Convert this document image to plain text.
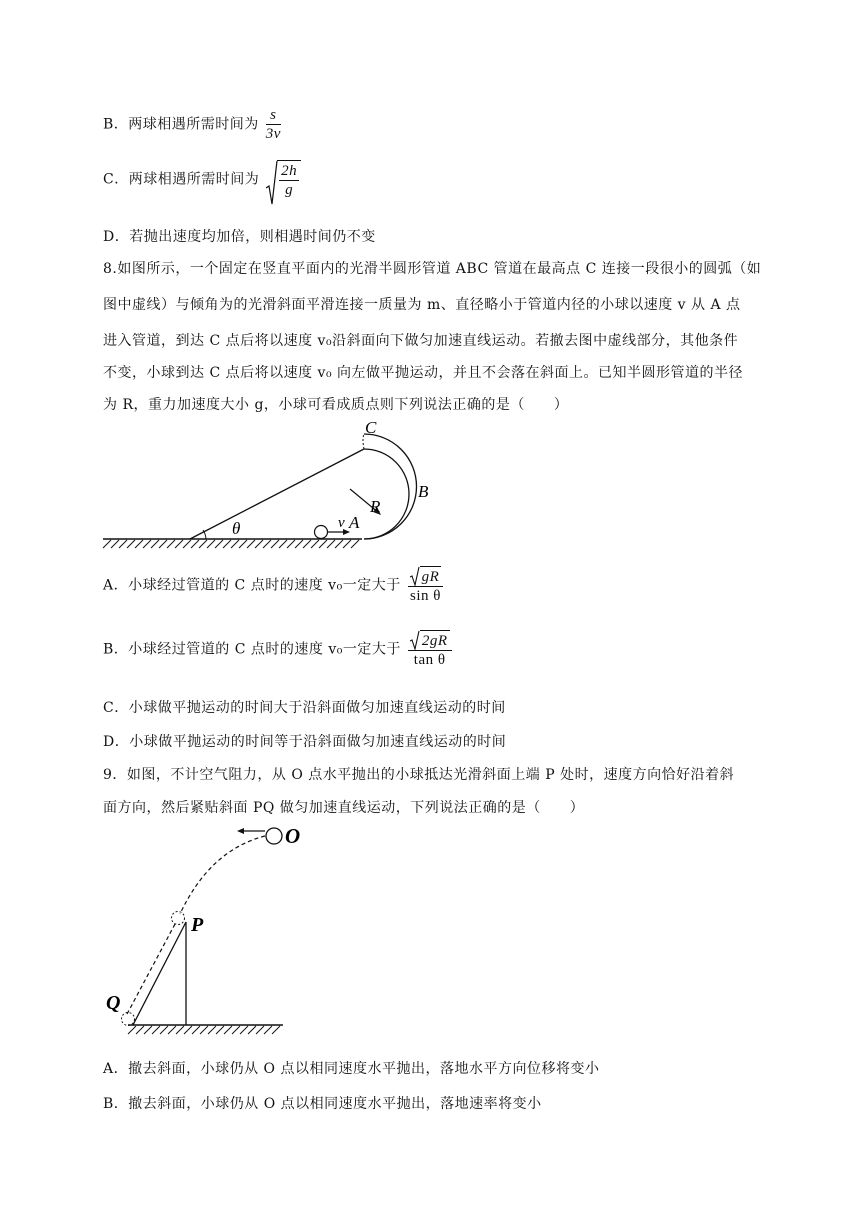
B．两球相遇所需时间为 $\frac{s}{3v}$
C．两球相遇所需时间为 $\frac{2h}{g}$
D．若抛出速度均加倍，则相遇时间仍不变
8.如图所示，一个固定在竖直平面内的光滑半圆形管道 ABC 管道在最高点 C 连接一段很小的圆弧（如
图中虚线）与倾角为的光滑斜面平滑连接一质量为 m、直径略小于管道内径的小球以速度 v 从 A 点
进入管道，到达 C 点后将以速度 v₀沿斜面向下做匀加速直线运动。若撤去图中虚线部分，其他条件
不变，小球到达 C 点后将以速度 v₀ 向左做平抛运动，并且不会落在斜面上。已知半圆形管道的半径
为 R，重力加速度大小 g，小球可看成质点则下列说法正确的是（　　）
θ
C
B
R
A
v
A．小球经过管道的 C 点时的速度 v₀一定大于 $\frac{gR}{\text{sin θ}}$
B．小球经过管道的 C 点时的速度 v₀一定大于 $\frac{2gR}{\text{tan θ}}$
C．小球做平抛运动的时间大于沿斜面做匀加速直线运动的时间
D．小球做平抛运动的时间等于沿斜面做匀加速直线运动的时间
9．如图，不计空气阻力，从 O 点水平抛出的小球抵达光滑斜面上端 P 处时，速度方向恰好沿着斜
面方向，然后紧贴斜面 PQ 做匀加速直线运动，下列说法正确的是（　　）
O
P
Q
A．撤去斜面，小球仍从 O 点以相同速度水平抛出，落地水平方向位移将变小
B．撤去斜面，小球仍从 O 点以相同速度水平抛出，落地速率将变小
